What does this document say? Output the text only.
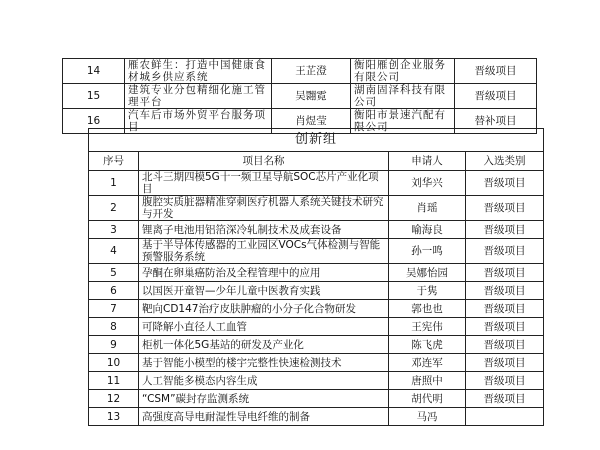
14	雁农鲜生：打造中国健康食材城乡供应系统	王芷澄	衡阳雁创企业服务有限公司	晋级项目
15	建筑专业分包精细化施工管理平台	吴翾霓	湖南固泽科技有限公司	晋级项目
16	汽车后市场外贸平台服务项目	肖煜莹	衡阳市景速汽配有限公司	替补项目
创新组			
序号	项目名称	申请人	入选类别
1	北斗三期四模5G十一频卫星导航SOC芯片产业化项目	刘华兴	晋级项目
2	腹腔实质脏器精准穿刺医疗机器人系统关键技术研究与开发	肖瑶	晋级项目
3	锂离子电池用铝箔深冷轧制技术及成套设备	喻海良	晋级项目
4	基于半导体传感器的工业园区VOCs气体检测与智能预警服务系统	孙一鸣	晋级项目
5	孕酮在卵巢癌防治及全程管理中的应用	吴娜怡园	晋级项目
6	以国医开童智—少年儿童中医教育实践	于隽	晋级项目
7	靶向CD147治疗皮肤肿瘤的小分子化合物研发	郭也也	晋级项目
8	可降解小直径人工血管	王宪伟	晋级项目
9	柜机一体化5G基站的研发及产业化	陈飞虎	晋级项目
10	基于智能小模型的楼宇完整性快速检测技术	邓连军	晋级项目
11	人工智能多模态内容生成	唐照中	晋级项目
12	“CSM”碳封存监测系统	胡代明	晋级项目
13	高强度高导电耐湿性导电纤维的制备	马冯	
